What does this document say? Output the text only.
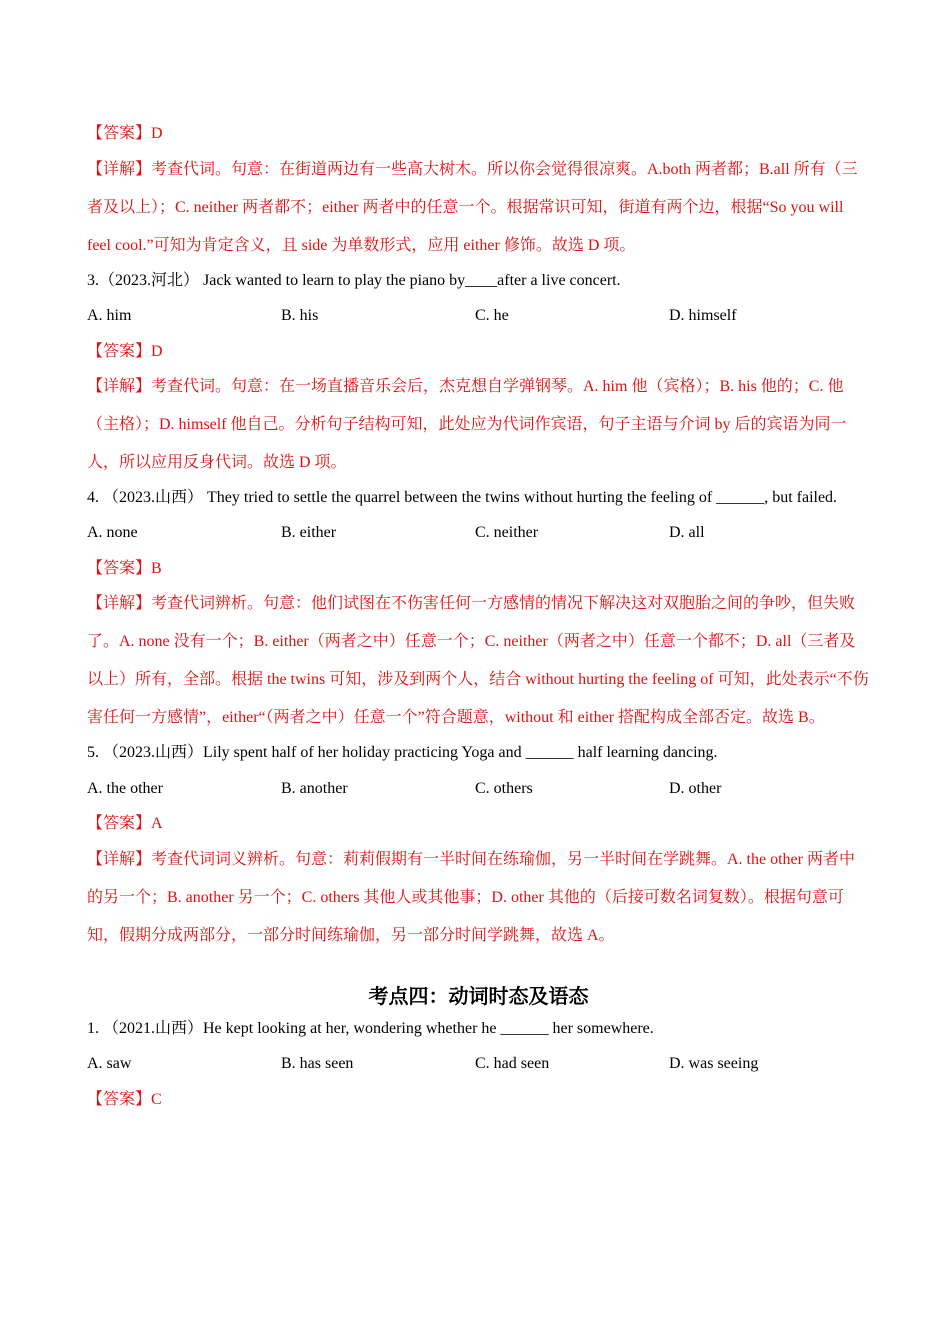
【答案】D
【详解】考查代词。句意：在街道两边有一些高大树木。所以你会觉得很凉爽。A.both 两者都；B.all 所有（三者及以上）；C. neither 两者都不；either 两者中的任意一个。根据常识可知，街道有两个边，根据“So you will feel cool.”可知为肯定含义，且 side 为单数形式，应用 either 修饰。故选 D 项。
3.（2023.河北） Jack wanted to learn to play the piano by____after a live concert.
A. him	B. his	C. he	D. himself
【答案】D
【详解】考查代词。句意：在一场直播音乐会后，杰克想自学弹钢琴。A. him 他（宾格）；B. his 他的；C. 他（主格）；D. himself 他自己。分析句子结构可知，此处应为代词作宾语，句子主语与介词 by 后的宾语为同一人，所以应用反身代词。故选 D 项。
4. （2023.山西） They tried to settle the quarrel between the twins without hurting the feeling of ______, but failed.
A. none	B. either	C. neither	D. all
【答案】B
【详解】考查代词辨析。句意：他们试图在不伤害任何一方感情的情况下解决这对双胞胎之间的争吵，但失败了。A. none 没有一个；B. either（两者之中）任意一个；C. neither（两者之中）任意一个都不；D. all（三者及以上）所有，全部。根据 the twins 可知，涉及到两个人，结合 without hurting the feeling of 可知，此处表示“不伤害任何一方感情”，either“（两者之中）任意一个”符合题意，without 和 either 搭配构成全部否定。故选 B。
5. （2023.山西）Lily spent half of her holiday practicing Yoga and ______ half learning dancing.
A. the other	B. another	C. others	D. other
【答案】A
【详解】考查代词词义辨析。句意：莉莉假期有一半时间在练瑜伽，另一半时间在学跳舞。A. the other 两者中的另一个；B. another 另一个；C. others 其他人或其他事；D. other 其他的（后接可数名词复数）。根据句意可知，假期分成两部分，一部分时间练瑜伽，另一部分时间学跳舞，故选 A。
考点四：动词时态及语态
1. （2021.山西）He kept looking at her, wondering whether he ______ her somewhere.
A. saw	B. has seen	C. had seen	D. was seeing
【答案】C
